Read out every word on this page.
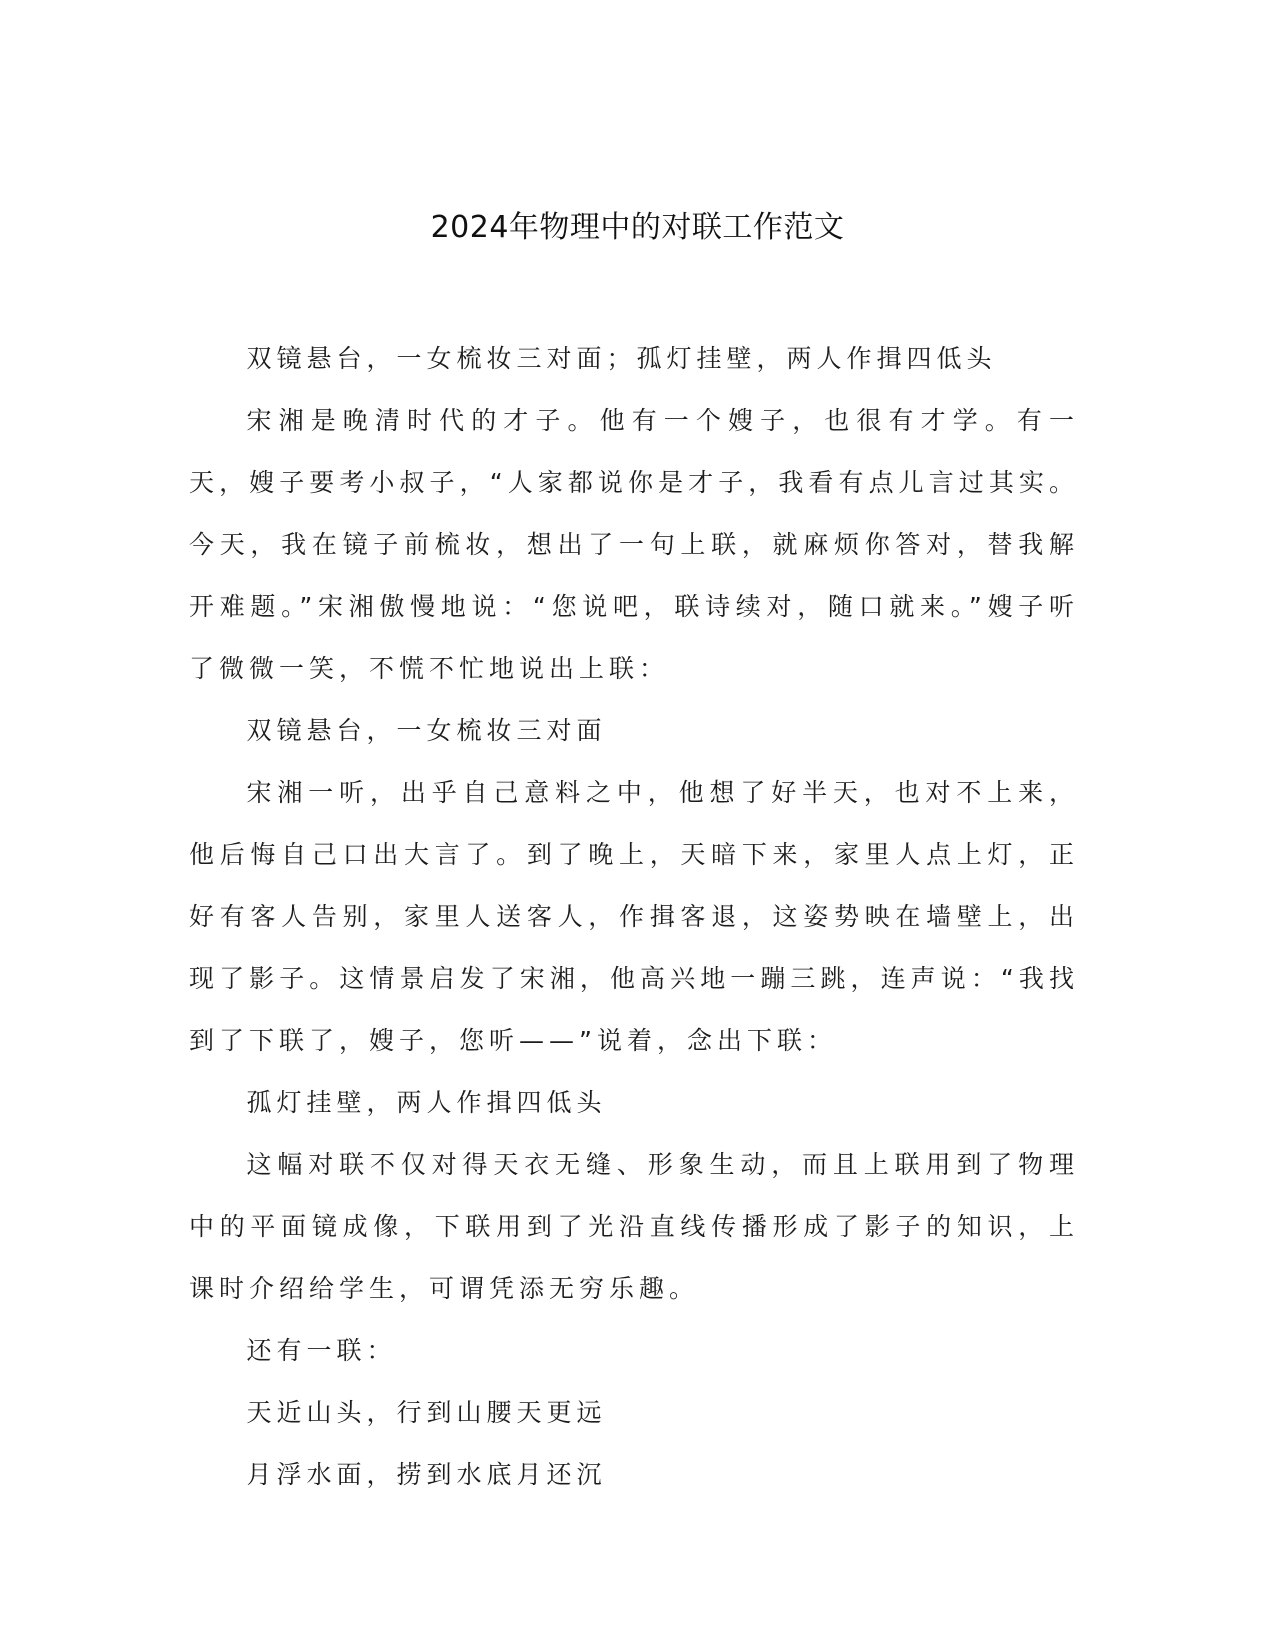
2024年物理中的对联工作范文

双镜悬台，一女梳妆三对面；孤灯挂壁，两人作揖四低头

宋湘是晚清时代的才子。他有一个嫂子，也很有才学。有一天，嫂子要考小叔子，“人家都说你是才子，我看有点儿言过其实。今天，我在镜子前梳妆，想出了一句上联，就麻烦你答对，替我解开难题。”宋湘傲慢地说：“您说吧，联诗续对，随口就来。”嫂子听了微微一笑，不慌不忙地说出上联：

双镜悬台，一女梳妆三对面

宋湘一听，出乎自己意料之中，他想了好半天，也对不上来，他后悔自己口出大言了。到了晚上，天暗下来，家里人点上灯，正好有客人告别，家里人送客人，作揖客退，这姿势映在墙壁上，出现了影子。这情景启发了宋湘，他高兴地一蹦三跳，连声说：“我找到了下联了，嫂子，您听——”说着，念出下联：

孤灯挂壁，两人作揖四低头

这幅对联不仅对得天衣无缝、形象生动，而且上联用到了物理中的平面镜成像，下联用到了光沿直线传播形成了影子的知识，上课时介绍给学生，可谓凭添无穷乐趣。

还有一联：

天近山头，行到山腰天更远

月浮水面，捞到水底月还沉
